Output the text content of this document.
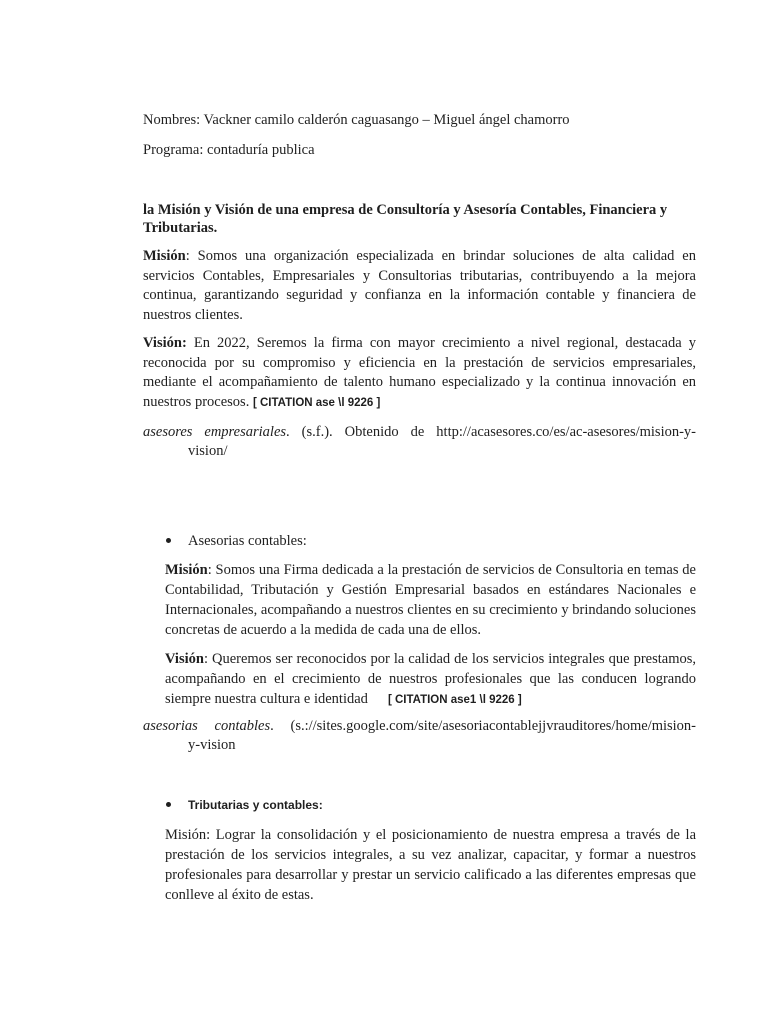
Nombres: Vackner camilo calderón caguasango – Miguel ángel chamorro
Programa: contaduría publica
la Misión y Visión de una empresa de Consultoría y Asesoría Contables, Financiera y
Tributarias.
Misión: Somos una organización especializada en brindar soluciones de alta calidad en servicios Contables, Empresariales y Consultorias tributarias, contribuyendo a la mejora continua, garantizando seguridad y confianza en la información contable y financiera de nuestros clientes.
Visión: En 2022, Seremos la firma con mayor crecimiento a nivel regional, destacada y reconocida por su compromiso y eficiencia en la prestación de servicios empresariales, mediante el acompañamiento de talento humano especializado y la continua innovación en nuestros procesos. [ CITATION ase \l 9226 ]
asesores empresariales. (s.f.). Obtenido de http://acasesores.co/es/ac-asesores/mision-y-
vision/
Asesorias contables:
Misión: Somos una Firma dedicada a la prestación de servicios de Consultoria en temas de Contabilidad, Tributación y Gestión Empresarial basados en estándares Nacionales e Internacionales, acompañando a nuestros clientes en su crecimiento y brindando soluciones concretas de acuerdo a la medida de cada una de ellos.
Visión: Queremos ser reconocidos por la calidad de los servicios integrales que prestamos, acompañando en el crecimiento de nuestros profesionales que las conducen logrando siempre nuestra cultura e identidad [ CITATION ase1 \l 9226 ]
asesorias contables. (s.://sites.google.com/site/asesoriacontablejjvrauditores/home/mision-
y-vision
Tributarias y contables:
Misión: Lograr la consolidación y el posicionamiento de nuestra empresa a través de la prestación de los servicios integrales, a su vez analizar, capacitar, y formar a nuestros profesionales para desarrollar y prestar un servicio calificado a las diferentes empresas que conlleve al éxito de estas.
